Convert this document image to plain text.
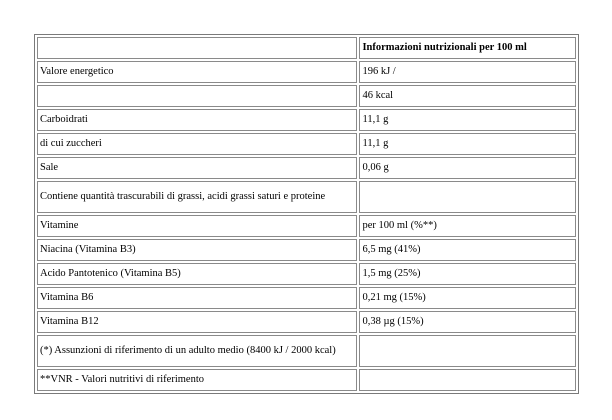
	Informazioni nutrizionali per 100 ml
Valore energetico	196 kJ /
	46 kcal
Carboidrati	11,1 g
di cui zuccheri	11,1 g
Sale	0,06 g
Contiene quantità trascurabili di grassi, acidi grassi saturi e proteine	
Vitamine	per 100 ml (%**)
Niacina (Vitamina B3)	6,5 mg (41%)
Acido Pantotenico (Vitamina B5)	1,5 mg (25%)
Vitamina B6	0,21 mg (15%)
Vitamina B12	0,38 µg (15%)
(*) Assunzioni di riferimento di un adulto medio (8400 kJ / 2000 kcal)	
**VNR - Valori nutritivi di riferimento	
